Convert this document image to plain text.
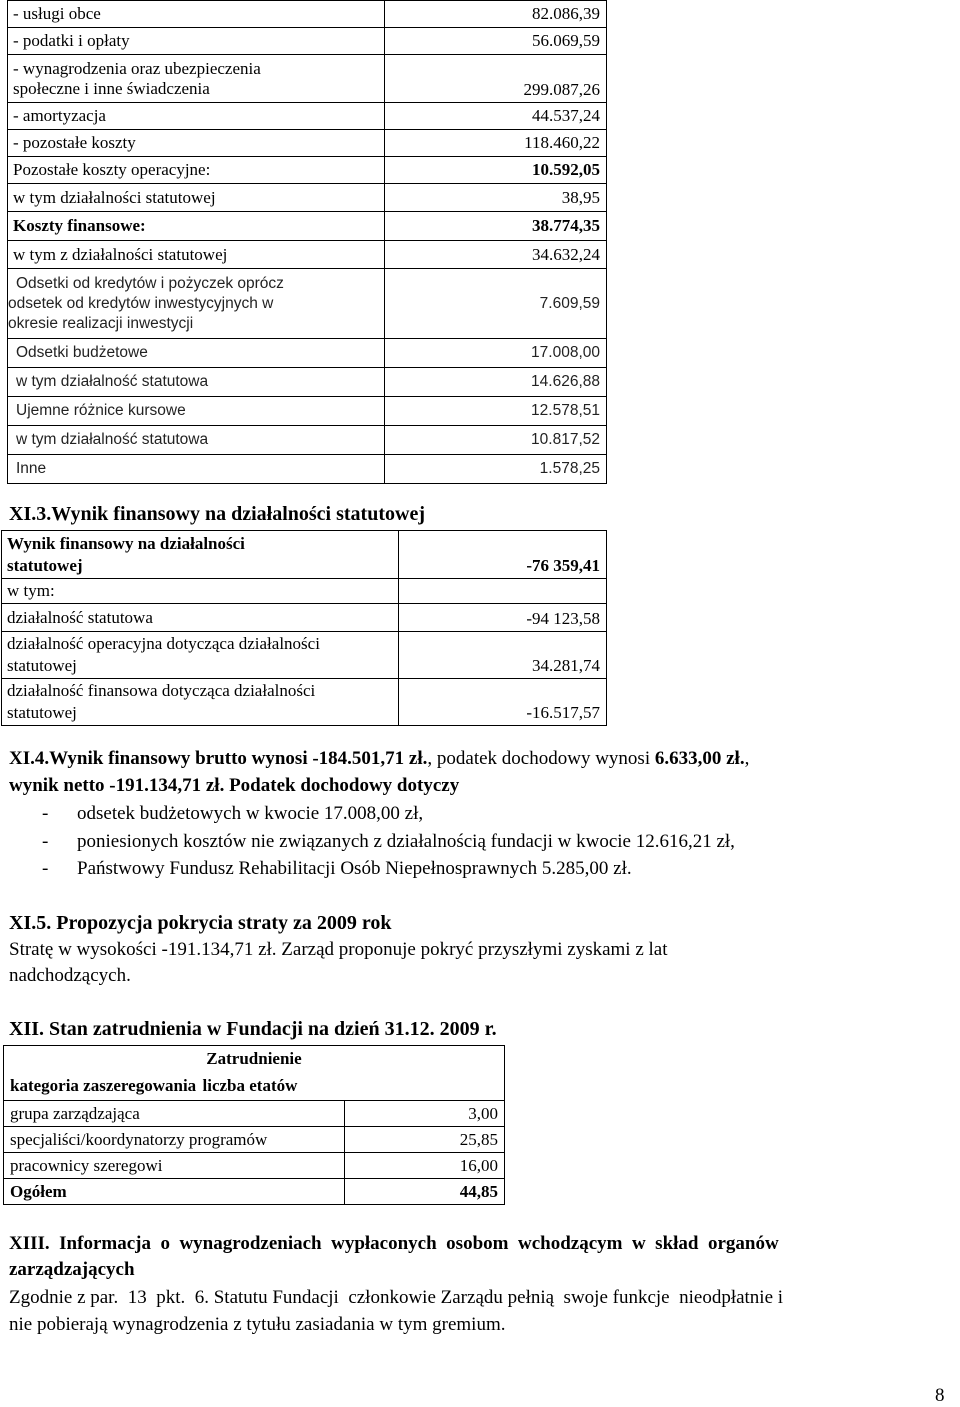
- usługi obce	82.086,39
- podatki i opłaty	56.069,59
- wynagrodzenia oraz ubezpieczenia
społeczne i inne świadczenia	299.087,26
- amortyzacja	44.537,24
- pozostałe koszty	118.460,22
Pozostałe koszty operacyjne:	10.592,05
w tym działalności statutowej	38,95
Koszty finansowe:	38.774,35
w tym z działalności statutowej	34.632,24
Odsetki od kredytów i pożyczek oprócz
odsetek od kredytów inwestycyjnych w
okresie realizacji inwestycji	7.609,59
Odsetki budżetowe	17.008,00
w tym działalność statutowa	14.626,88
Ujemne różnice kursowe	12.578,51
w tym działalność statutowa	10.817,52
Inne	1.578,25
XI.3.Wynik finansowy na działalności statutowej
Wynik finansowy na działalności
statutowej	-76 359,41
w tym:	
działalność statutowa	-94 123,58
działalność operacyjna dotycząca działalności
statutowej	34.281,74
działalność finansowa dotycząca działalności
statutowej	-16.517,57
XI.4.Wynik finansowy brutto wynosi -184.501,71 zł., podatek dochodowy wynosi 6.633,00 zł.,
wynik netto -191.134,71 zł. Podatek dochodowy dotyczy
- odsetek budżetowych w kwocie 17.008,00 zł,
- poniesionych kosztów nie związanych z działalnością fundacji w kwocie 12.616,21 zł,
- Państwowy Fundusz Rehabilitacji Osób Niepełnosprawnych 5.285,00 zł.
XI.5. Propozycja pokrycia straty za 2009 rok
Stratę w wysokości -191.134,71 zł. Zarząd proponuje pokryć przyszłymi zyskami z lat
nadchodzących.
XII. Stan zatrudnienia w Fundacji na dzień 31.12. 2009 r.
Zatrudnienie
kategoria zaszeregowania	liczba etatów
grupa zarządzająca	3,00
specjaliści/koordynatorzy programów	25,85
pracownicy szeregowi	16,00
Ogółem	44,85
XIII.  Informacja  o  wynagrodzeniach  wypłaconych  osobom  wchodzącym  w  skład  organów
zarządzających
Zgodnie z par.  13  pkt.  6. Statutu Fundacji  członkowie Zarządu pełnią  swoje funkcje  nieodpłatnie i
nie pobierają wynagrodzenia z tytułu zasiadania w tym gremium.
8
